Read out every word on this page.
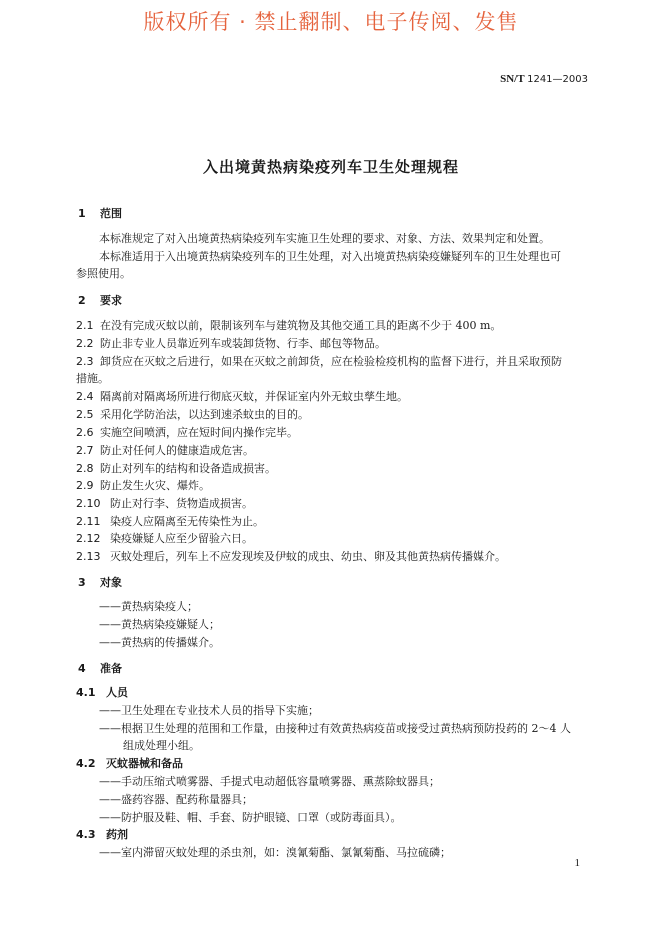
版权所有 · 禁止翻制、电子传阅、发售
SN/T 1241—2003
入出境黄热病染疫列车卫生处理规程
1 范围
本标准规定了对入出境黄热病染疫列车实施卫生处理的要求、对象、方法、效果判定和处置。
本标准适用于入出境黄热病染疫列车的卫生处理，对入出境黄热病染疫嫌疑列车的卫生处理也可
参照使用。
2 要求
2.1 在没有完成灭蚊以前，限制该列车与建筑物及其他交通工具的距离不少于 400 m。
2.2 防止非专业人员靠近列车或装卸货物、行李、邮包等物品。
2.3 卸货应在灭蚊之后进行，如果在灭蚊之前卸货，应在检验检疫机构的监督下进行，并且采取预防
措施。
2.4 隔离前对隔离场所进行彻底灭蚊，并保证室内外无蚊虫孳生地。
2.5 采用化学防治法，以达到速杀蚊虫的目的。
2.6 实施空间喷洒，应在短时间内操作完毕。
2.7 防止对任何人的健康造成危害。
2.8 防止对列车的结构和设备造成损害。
2.9 防止发生火灾、爆炸。
2.10 防止对行李、货物造成损害。
2.11 染疫人应隔离至无传染性为止。
2.12 染疫嫌疑人应至少留验六日。
2.13 灭蚊处理后，列车上不应发现埃及伊蚊的成虫、幼虫、卵及其他黄热病传播媒介。
3 对象
——黄热病染疫人；
——黄热病染疫嫌疑人；
——黄热病的传播媒介。
4 准备
4.1 人员
——卫生处理在专业技术人员的指导下实施；
——根据卫生处理的范围和工作量，由接种过有效黄热病疫苗或接受过黄热病预防投药的 2～4 人
组成处理小组。
4.2 灭蚊器械和备品
——手动压缩式喷雾器、手提式电动超低容量喷雾器、熏蒸除蚊器具；
——盛药容器、配药称量器具；
——防护服及鞋、帽、手套、防护眼镜、口罩（或防毒面具）。
4.3 药剂
——室内滞留灭蚊处理的杀虫剂，如：溴氰菊酯、氯氰菊酯、马拉硫磷；
1
